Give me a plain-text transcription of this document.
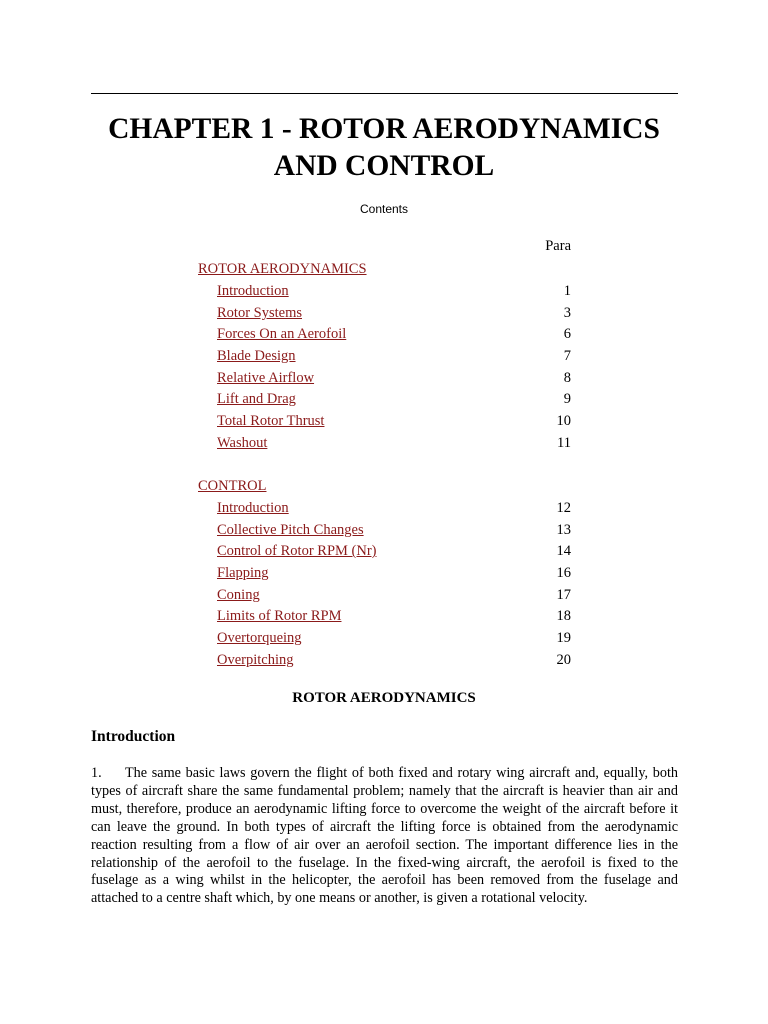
CHAPTER 1 - ROTOR AERODYNAMICS
AND CONTROL
Contents
Para
ROTOR AERODYNAMICS
Introduction	1
Rotor Systems	3
Forces On an Aerofoil	6
Blade Design	7
Relative Airflow	8
Lift and Drag	9
Total Rotor Thrust	10
Washout	11
CONTROL
Introduction	12
Collective Pitch Changes	13
Control of Rotor RPM (Nr)	14
Flapping	16
Coning	17
Limits of Rotor RPM	18
Overtorqueing	19
Overpitching	20
ROTOR AERODYNAMICS
Introduction

1. The same basic laws govern the flight of both fixed and rotary wing aircraft and, equally, both types of aircraft share the same fundamental problem; namely that the aircraft is heavier than air and must, therefore, produce an aerodynamic lifting force to overcome the weight of the aircraft before it can leave the ground. In both types of aircraft the lifting force is obtained from the aerodynamic reaction resulting from a flow of air over an aerofoil section. The important difference lies in the relationship of the aerofoil to the fuselage. In the fixed-wing aircraft, the aerofoil is fixed to the fuselage as a wing whilst in the helicopter, the aerofoil has been removed from the fuselage and attached to a centre shaft which, by one means or another, is given a rotational velocity.
